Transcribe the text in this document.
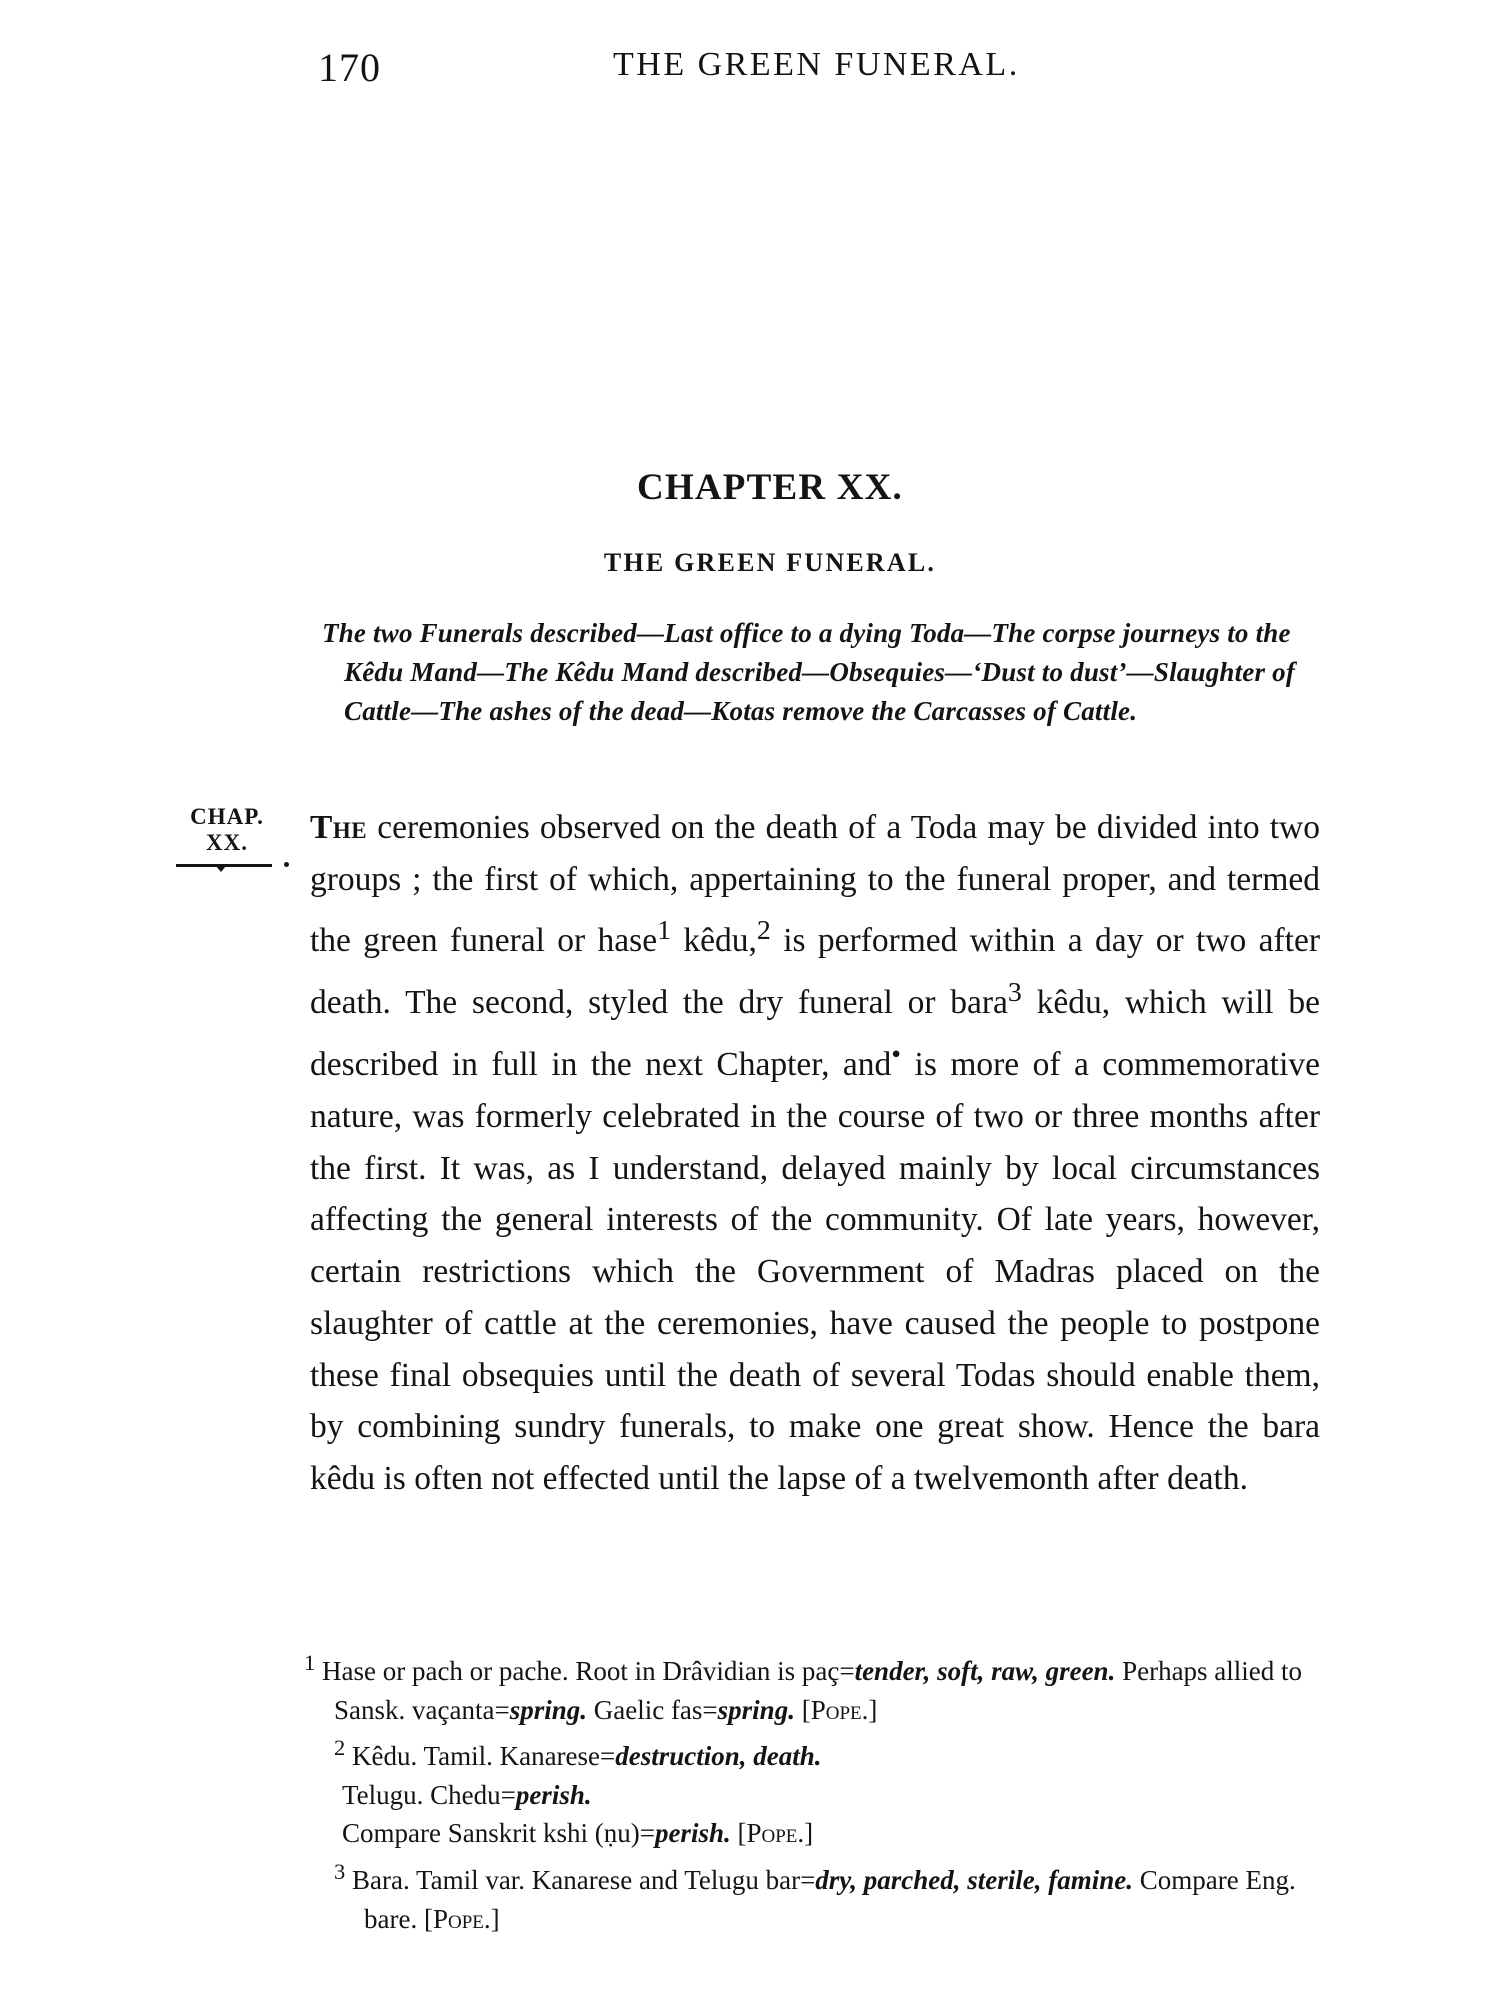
170	THE GREEN FUNERAL.
CHAPTER XX.
THE GREEN FUNERAL.

The two Funerals described—Last office to a dying Toda—The corpse journeys to the Kêdu Mand—The Kêdu Mand described—Obsequies—‘Dust to dust’—Slaughter of Cattle—The ashes of the dead—Kotas remove the Carcasses of Cattle.

CHAP.
XX.	The ceremonies observed on the death of a Toda may be divided into two groups ; the first of which, appertaining to the funeral proper, and termed the green funeral or hase$^1$ kêdu,$^2$ is performed within a day or two after death. The second, styled the dry funeral or bara$^3$ kêdu, which will be described in full in the next Chapter, and• is more of a commemorative nature, was formerly celebrated in the course of two or three months after the first. It was, as I understand, delayed mainly by local circumstances affecting the general interests of the community. Of late years, however, certain restrictions which the Government of Madras placed on the slaughter of cattle at the ceremonies, have caused the people to postpone these final obsequies until the death of several Todas should enable them, by combining sundry funerals, to make one great show. Hence the bara kêdu is often not effected until the lapse of a twelvemonth after death.

$^1$ Hase or pach or pache. Root in Drâvidian is paç=tender, soft, raw, green. Perhaps allied to Sansk. vaçanta=spring. Gaelic fas=spring. [Pope.]

$^2$ Kêdu. Tamil. Kanarese=destruction, death.

Telugu. Chedu=perish.

Compare Sanskrit kshi (ṇu)=perish. [Pope.]

$^3$ Bara. Tamil var. Kanarese and Telugu bar=dry, parched, sterile, famine. Compare Eng. bare. [Pope.]
